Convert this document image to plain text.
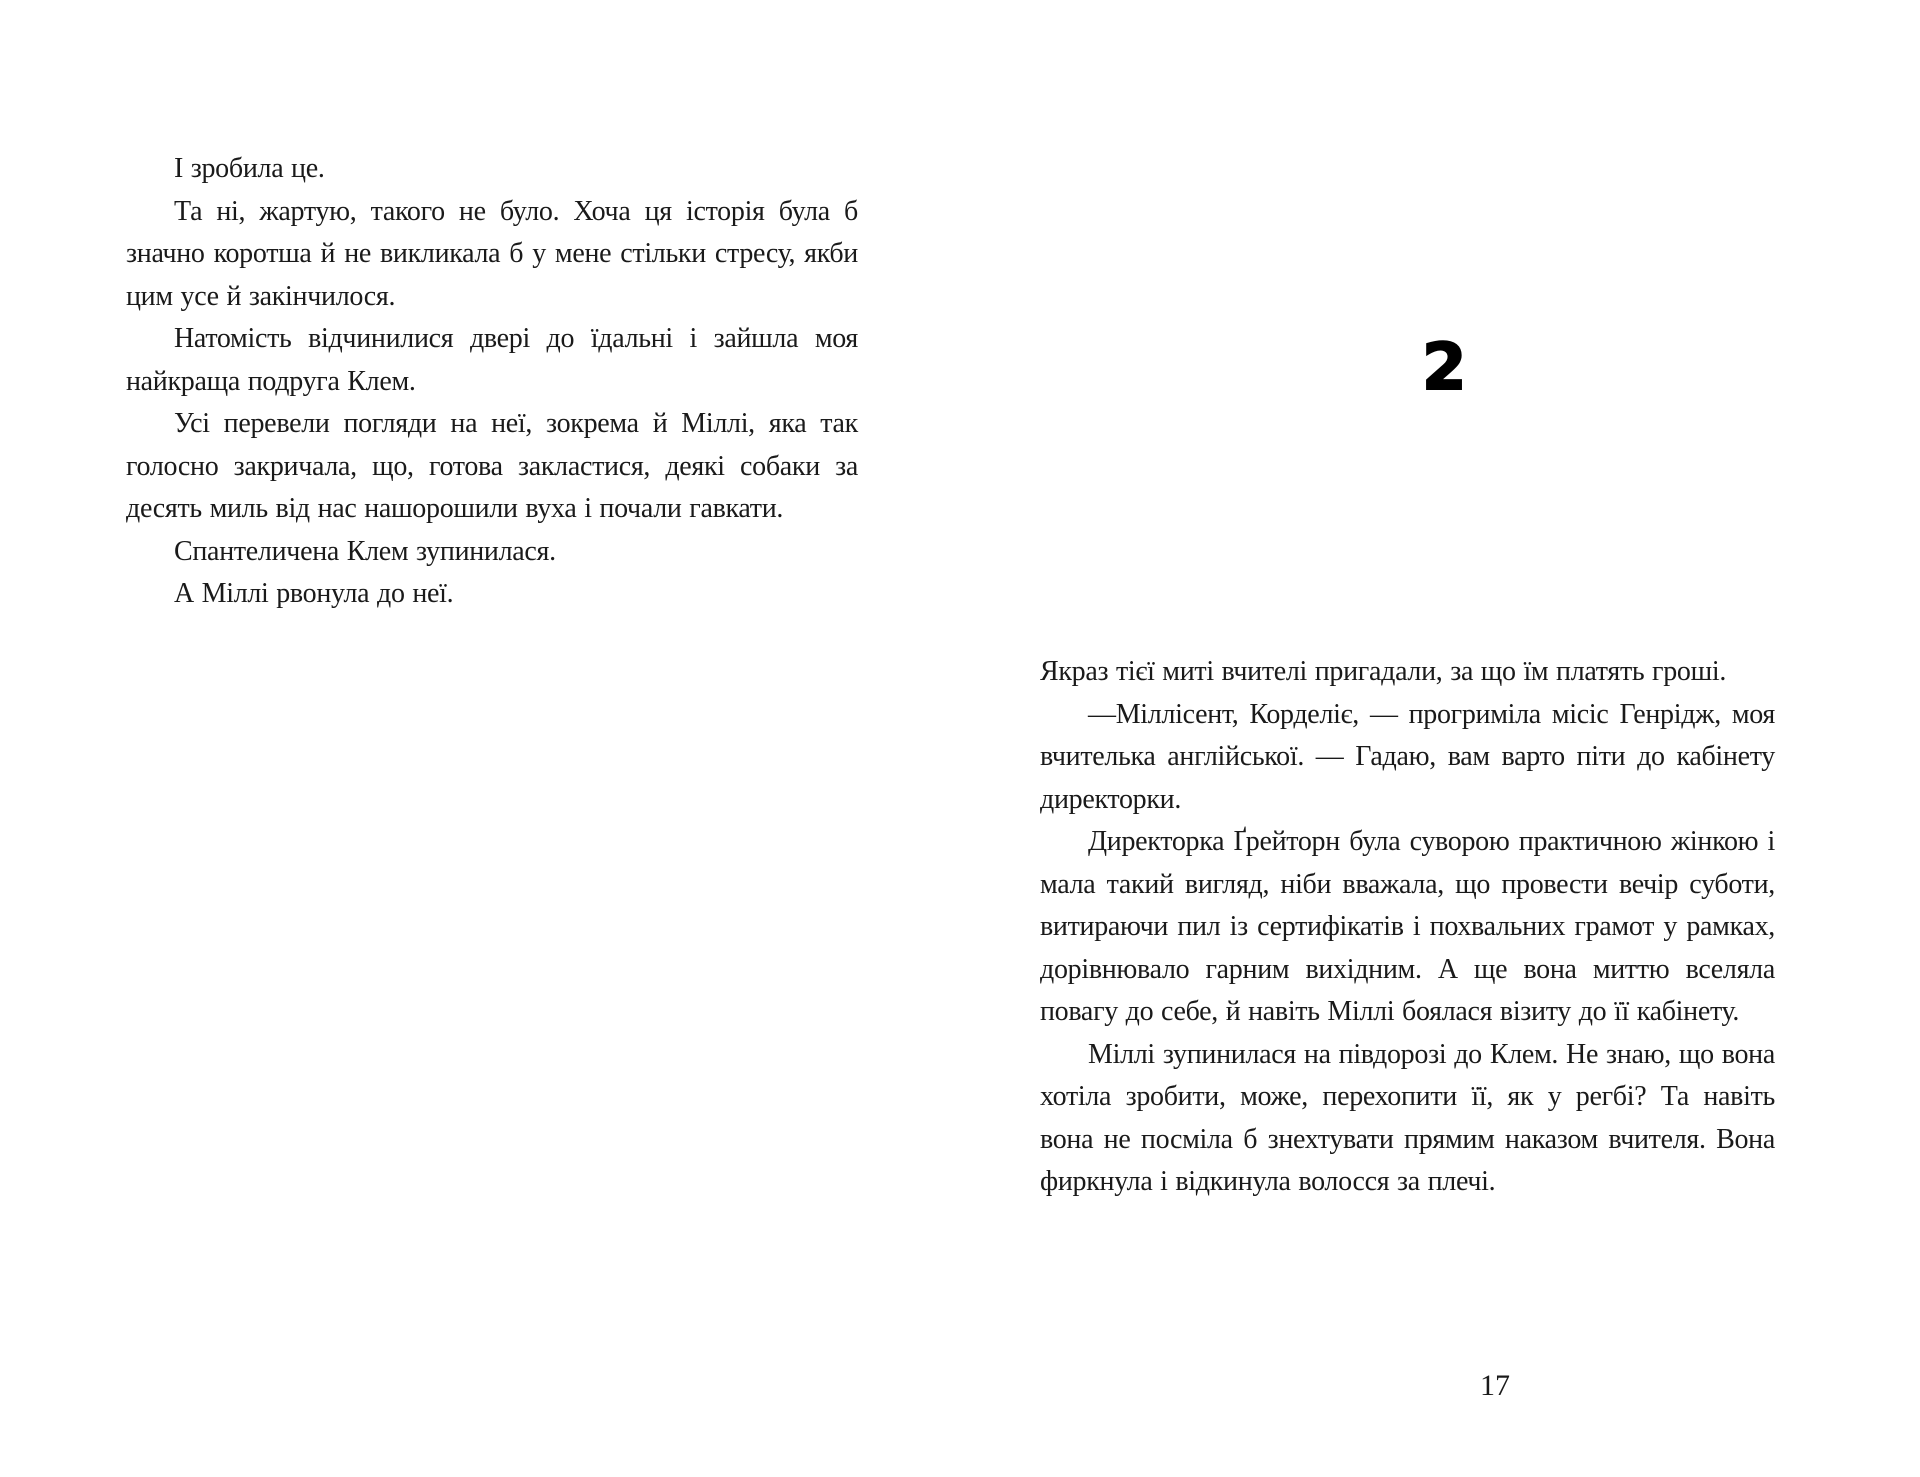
І зробила це.

Та ні, жартую, такого не було. Хоча ця історія була б значно коротша й не викликала б у мене стільки стресу, якби цим усе й закінчилося.

Натомість відчинилися двері до їдальні і зайшла моя найкраща подруга Клем.

Усі перевели погляди на неї, зокрема й Міллі, яка так голосно закричала, що, готова закластися, деякі собаки за десять миль від нас нашорошили вуха і почали гавкати.

Спантеличена Клем зупинилася.

А Міллі рвонула до неї.

2

Якраз тієї миті вчителі пригадали, за що їм платять гроші.

—Міллісент, Корделіє, — прогриміла місіс Генрідж, моя вчителька англійської. — Гадаю, вам варто піти до кабінету директорки.

Директорка Ґрейторн була суворою практичною жінкою і мала такий вигляд, ніби вважала, що провести вечір суботи, витираючи пил із сертифікатів і похвальних грамот у рамках, дорівнювало гарним вихідним. А ще вона миттю вселяла повагу до себе, й навіть Міллі боялася візиту до її кабінету.

Міллі зупинилася на півдорозі до Клем. Не знаю, що вона хотіла зробити, може, перехопити її, як у регбі? Та навіть вона не посміла б знехтувати прямим наказом вчителя. Вона фиркнула і відкинула волосся за плечі.

17
